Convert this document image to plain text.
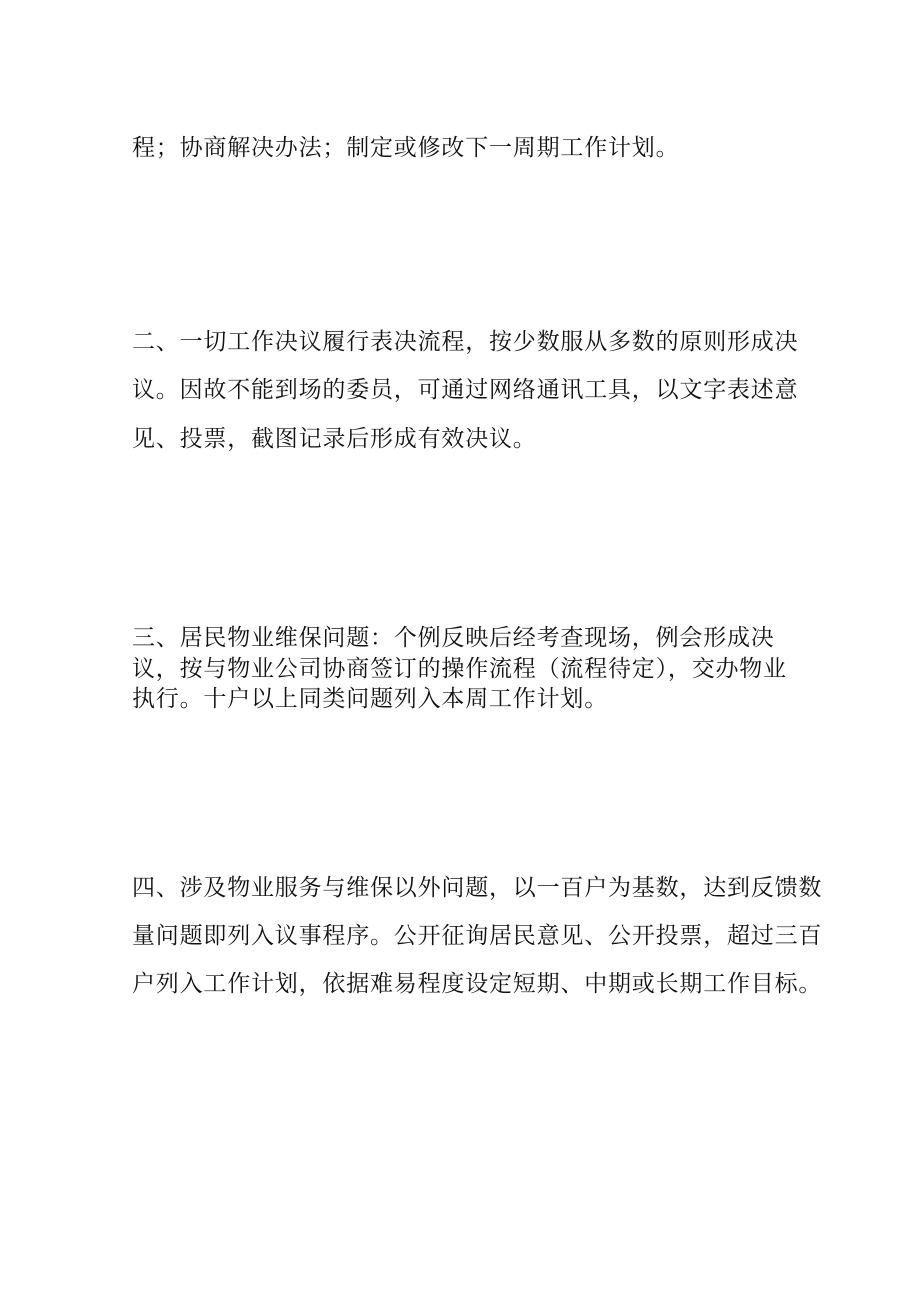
程；协商解决办法；制定或修改下一周期工作计划。

二、一切工作决议履行表决流程，按少数服从多数的原则形成决

议。因故不能到场的委员，可通过网络通讯工具，以文字表述意

见、投票，截图记录后形成有效决议。

三、居民物业维保问题：个例反映后经考查现场，例会形成决

议，按与物业公司协商签订的操作流程（流程待定），交办物业

执行。十户以上同类问题列入本周工作计划。

四、涉及物业服务与维保以外问题，以一百户为基数，达到反馈数

量问题即列入议事程序。公开征询居民意见、公开投票，超过三百

户列入工作计划，依据难易程度设定短期、中期或长期工作目标。
